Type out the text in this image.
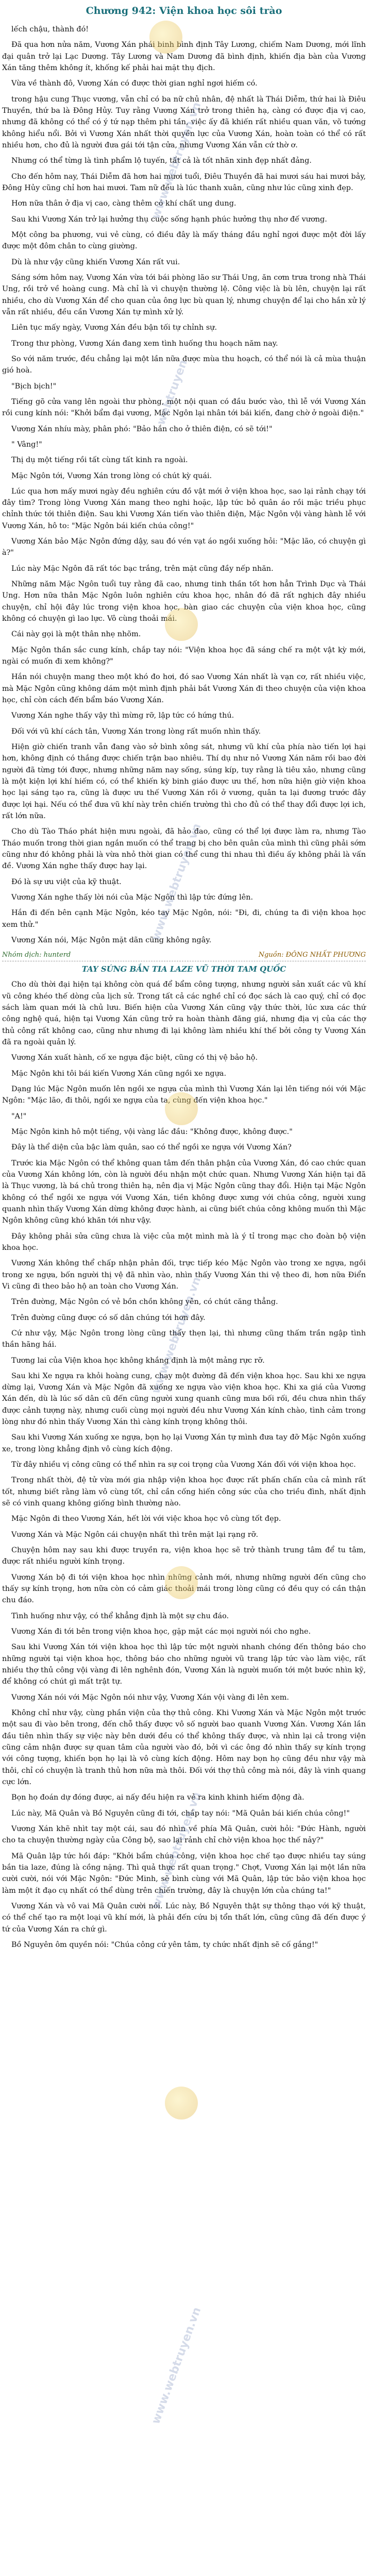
www.webtruyen.vn
webtruyen
www.webtruyen.vn
www.webtruyen.vn
www.webtruyen.vn
www.webtruyen.vn
Chương 942: Viện khoa học sôi trào

lếch chậu, thành đó!

Đã qua hơn nửa năm, Vương Xán phái binh bình định Tây Lương, chiếm Nam Dương, mới lĩnh đại quân trở lại Lạc Dương. Tây Lương và Nam Dương đã bình định, khiến địa bàn của Vương Xán tăng thêm không ít, khống kế phải hai mặt thụ địch.

Vừa về thành đô, Vương Xán có được thời gian nghỉ ngơi hiếm có.

trong hậu cung Thục vương, vẫn chỉ có ba nữ chủ nhân, đệ nhất là Thái Diễm, thứ hai là Điêu Thuyền, thứ ba là Đông Hủy. Tuy rằng Vương Xán trở trong thiên hạ, càng có được địa vị cao, nhưng đã không có thể có ý tứ nạp thêm phi tần, việc ấy đã khiến rất nhiều quan văn, võ tướng không hiểu nổi. Bởi vì Vương Xán nhất thời quyền lực của Vương Xán, hoàn toàn có thể có rất nhiều hơn, cho đủ là người đưa gái tới tận cửa, nhưng Vương Xán vẫn cứ thờ ơ.

Nhưng có thể từng là tình phẩm lộ tuyến, tất cả là tốt nhãn xinh đẹp nhất đảng.

Cho đến hôm nay, Thái Diễm đã hơn hai mươi tuổi, Điêu Thuyền đã hai mươi sáu hai mươi bảy, Đông Hủy cũng chỉ hơn hai mươi. Tam nữ đều là lúc thanh xuân, cũng như lúc cũng xinh đẹp.

Hơn nữa thân ở địa vị cao, càng thêm có khí chất ung dung.

Sau khi Vương Xán trở lại hưởng thụ cuộc sống hạnh phúc hưởng thụ nhơ đế vương.

Một công ba phương, vui vẻ cùng, có điều đây là mấy tháng đầu nghỉ ngơi được một đời lấy được một đôm chân to cùng giường.

Dù là như vậy cũng khiến Vương Xán rất vui.

Sáng sớm hôm nay, Vương Xán vừa tới bái phòng lão sư Thái Ung, ăn cơm trưa trong nhà Thái Ung, rồi trở về hoàng cung. Mà chỉ là vì chuyện thường lệ. Công việc là bù lên, chuyện lại rất nhiều, cho dù Vương Xán để cho quan của ông lực bù quan lý, nhưng chuyện để lại cho hắn xử lý vẫn rất nhiều, đều cần Vương Xán tự mình xử lý.

Liên tục mấy ngày, Vương Xán đều bận tối tự chỉnh sự.

Trong thư phòng, Vương Xán đang xem tình huống thu hoạch năm nay.

So với năm trước, đều chẳng lại một lần nữa được mùa thu hoạch, có thể nói là cả mùa thuận gió hoà.

"Bịch bịch!"

Tiếng gõ cửa vang lên ngoài thư phòng, một nội quan có đầu bước vào, thì lễ với Vương Xán rồi cung kính nói: "Khởi bẩm đại vương, Mặc Ngôn lại nhân tới bái kiến, đang chờ ở ngoài điện."

Vương Xán nhíu mày, phân phó: "Bảo hắn cho ở thiên điện, có sẽ tới!"

" Vâng!"

Thị dụ một tiếng rồi tất cùng tất kinh ra ngoài.

Mặc Ngôn tới, Vương Xán trong lòng có chút kỳ quái.

Lúc qua hơn mấy mươi ngày đều nghiên cứu đồ vật mới ở viện khoa học, sao lại rảnh chạy tới đây tìm? Trong lòng Vương Xán mang theo nghi hoặc, lập tức bỏ quân áo rồi mặc triều phục chỉnh thức tới thiên điện. Sau khi Vương Xán tiến vào thiên điện, Mặc Ngôn vội vàng hành lễ với Vương Xán, hô to: "Mặc Ngôn bái kiến chúa công!"

Vương Xán bảo Mặc Ngôn đứng dậy, sau đó vén vạt áo ngồi xuống hỏi: "Mặc lão, có chuyện gì à?"

Lúc này Mặc Ngôn đã rất tóc bạc trắng, trên mặt cũng đầy nếp nhăn.

Những năm Mặc Ngôn tuổi tuy rằng đã cao, nhưng tinh thần tốt hơn hẳn Trình Dục và Thái Ung. Hơn nữa thân Mặc Ngôn luôn nghiên cứu khoa học, nhân đó đã rất nghịch đây nhiều chuyện, chỉ hội đây lúc trong viện khoa học, bàn giao các chuyện của viện khoa học, cũng không có chuyện gì lao lực. Vô cùng thoải mái.

Cái này gọi là một thân nhẹ nhõm.

Mặc Ngôn thần sắc cung kính, chắp tay nói: "Viện khoa học đã sáng chế ra một vật kỳ mới, ngài có muốn đi xem không?"

Hắn nói chuyện mang theo một khó đo hơi, đó sao Vương Xán nhất là vạn cơ, rất nhiều việc, mà Mặc Ngôn cũng không dám một mình định phải bắt Vương Xán đi theo chuyện của viện khoa học, chỉ còn cách đến bẩm báo Vương Xán.

Vương Xán nghe thấy vậy thì mừng rỡ, lập tức có hứng thú.

Đối với vũ khí cách tân, Vương Xán trong lòng rất muốn nhìn thấy.

Hiện giờ chiến tranh vẫn đang vào sở bình xông sát, nhưng vũ khí của phía nào tiến lợi hại hơn, không định có thắng được chiến trận bao nhiêu. Thí dụ như nỏ Vương Xán năm rồi bao đời người đã từng tới được, nhưng những năm nay sống, súng kíp, tuy rằng là tiêu xảo, nhưng cũng là một kiện lợi khí hiếm có, có thể khiến kỳ binh giáo được ưu thế, hơn nữa hiện giờ viện khoa học lại sáng tạo ra, cũng là được ưu thế Vương Xán rồi ở vương, quân ta lại đương trước đây được lợi hại. Nếu có thể đưa vũ khí này trên chiến trường thì cho đủ có thể thay đổi được lợi ich, rất lớn nữa.

Cho dù Tào Tháo phát hiện mưu ngoài, đã hảo đao, cũng có thể lợi được làm ra, nhưng Tào Tháo muốn trong thời gian ngắn muốn có thể trang bị cho bên quân của mình thì cũng phải sớm cũng như đó không phải là vừa nhỏ thời gian có thể cung thi nhau thì điều ấy không phải là vấn đề. Vương Xán nghe thấy được hay lại.

Đó là sự ưu việt của kỹ thuật.

Vương Xán nghe thấy lời nói của Mặc Ngôn thì lập tức đứng lên.

Hắn đi đến bên cạnh Mặc Ngôn, kéo tay Mặc Ngôn, nói: "Đi, đi, chúng ta đi viện khoa học xem thử."

Vương Xán nói, Mặc Ngôn mặt dãn cũng không ngây.

Nhóm dịch: hunterd	Nguồn: ĐÔNG NHẤT PHƯƠNG
TAY SỨNG BẮN TIA LAZE VŨ THỜI TAM QUỐC

Cho dù thời đại hiện tại không còn quá để bẩm công tượng, nhưng người sản xuất các vũ khí vũ công khéo thế dòng của lịch sử. Trong tất cả các nghề chỉ có đọc sách là cao quý, chỉ có đọc sách làm quan mới là chủ lưu. Biến hiện của Vương Xán cũng vậy thức thời, lúc xưa các thứ công nghệ quá, hiện tại Vương Xán cũng trở ra hoàn thành đăng giá, nhưng địa vị của các thợ thủ công rất không cao, cũng như nhưng đi lại không làm nhiều khí thế bởi công ty Vương Xán đã ra ngoài quản lý.

Vương Xán xuất hành, cố xe ngựa đặc biệt, cũng có thị vệ bảo hộ.

Mặc Ngôn khi tôi bái kiến Vương Xán cũng ngồi xe ngựa.

Dạng lúc Mặc Ngôn muốn lên ngồi xe ngựa của mình thì Vương Xán lại lên tiếng nói với Mặc Ngôn: "Mặc lão, đi thôi, ngồi xe ngựa của ta, cùng đến viện khoa học."

"A!"

Mặc Ngôn kinh hô một tiếng, vội vàng lắc đầu: "Không được, không được."

Đây là thể diện của bậc làm quân, sao có thể ngồi xe ngựa với Vương Xán?

Trước kia Mặc Ngôn có thể không quan tâm đến thân phận của Vương Xán, đó cao chức quan của Vương Xán không lớn, còn là người đều nhận một chức quan. Nhưng Vương Xán hiện tại đã là Thục vương, là bá chủ trong thiên hạ, nên địa vị Mặc Ngôn cũng thay đổi. Hiện tại Mặc Ngôn không có thể ngồi xe ngựa với Vương Xán, tiền không được xưng với chúa công, người xung quanh nhìn thấy Vương Xán dừng không được hành, ai cũng biết chúa công không muốn thì Mặc Ngôn không cũng khó khăn tới như vậy.

Đây không phải sửa cũng chưa là việc của một mình mà là ý tỉ trong mạc cho đoàn bộ viện khoa học.

Vương Xán không thể chấp nhận phản đối, trực tiếp kéo Mặc Ngôn vào trong xe ngựa, ngồi trong xe ngựa, bốn người thị vệ đã nhìn vào, nhìn thấy Vương Xán thi vệ theo đi, hơn nữa Điển Vi cũng đi theo bảo hộ an toàn cho Vương Xán.

Trên đường, Mặc Ngôn có vẻ bồn chồn không yên, có chút căng thẳng.

Trên đường cũng được có số dân chúng tới hơn đây.

Cứ như vậy, Mặc Ngôn trong lòng cũng thấy thẹn lại, thì nhưng cũng thấm trần ngập tình thần hãng hái.

Tương lai của Viện khoa học không khắng định là một mảng rực rỡ.

Sau khi Xe ngựa ra khỏi hoàng cung, chạy một đường đã đến viện khoa học. Sau khi xe ngựa dừng lại, Vương Xán và Mặc Ngôn đã xuống xe ngựa vào viện khoa học. Khi xa giá của Vương Xán đến, dù là lúc số dân cũ đến cũng người xung quanh cũng mưa bối rối, đều chưa nhìn thấy được cảnh tượng này, nhưng cuối cùng mọi người đều như Vương Xán kính chào, tình cảm trong lòng như đó nhìn thấy Vương Xán thì càng kính trọng không thôi.

Sau khi Vương Xán xuống xe ngựa, bọn họ lại Vương Xán tự mình đưa tay đỡ Mặc Ngôn xuống xe, trong lòng khẳng định vô cùng kích động.

Từ đây nhiều vị công cũng có thể nhìn ra sự coi trọng của Vương Xán đối với viện khoa học.

Trong nhất thời, đệ tử vừa mới gia nhập viện khoa học được rất phấn chấn của cả mình rất tốt, nhưng biết rằng làm vô cùng tốt, chỉ cần cống hiến công sức của cho triều đình, nhất định sẽ có vinh quang không giống bình thường nào.

Mặc Ngôn đi theo Vương Xán, hết lời với việc khoa học vô cùng tốt đẹp.

Vương Xán và Mặc Ngôn cái chuyện nhất thì trên mặt lại rạng rỡ.

Chuyện hôm nay sau khi được truyền ra, viện khoa học sẽ trở thành trung tâm để tu tâm, được rất nhiều người kính trọng.

Vương Xán bộ đi tới viện khoa học nhìn những cảnh mới, nhưng những người đến cũng cho thấy sự kính trọng, hơn nữa còn có cảm giác thoải mái trong lòng cũng có đều quy có cần thận chu đáo.

Tình huống như vậy, có thể khẳng định là một sự chu đáo.

Vương Xán đi tới bên trong viện khoa học, gặp mặt các mọi người nói cho nghe.

Sau khi Vương Xán tới viện khoa học thì lập tức một người nhanh chóng đến thông báo cho những người tại viện khoa học, thông báo cho những người vũ trang lập tức vào làm việc, rất nhiều thợ thủ công vội vàng đi lên nghênh đón, Vương Xán là người muốn tới một bước nhìn kỹ, để không có chút gì mất trật tự.

Vương Xán nói với Mặc Ngôn nói như vậy, Vương Xán vội vàng đi lên xem.

Không chỉ như vậy, cùng phần viện của thợ thủ công. Khi Vương Xán và Mặc Ngôn một trước một sau đi vào bên trong, đến chỗ thấy được vô số người bao quanh Vương Xán. Vương Xán lần đầu tiên nhìn thấy sự việc này bên dưới đều có thể không thấy được, và nhìn lại cả trong viện cũng cảm nhận được sự quan tâm của người vào đó, bởi vì các ông đó nhìn thấy sự kính trọng với công tượng, khiến bọn họ lại là vô cùng kích động. Hôm nay bọn họ cũng đều như vậy mà thôi, chỉ có chuyện là tranh thủ hơn nữa mà thôi. Đối với thợ thủ công mà nói, đây là vinh quang cực lớn.

Bọn họ đoán dự đóng được, ai nấy đều hiện ra vẻ ra kinh khinh hiếm động đà.

Lúc này, Mã Quân và Bồ Nguyên cũng đi tới, chắp tay nói: "Mã Quân bái kiến chúa công!"

Vương Xán khẽ nhìt tay một cái, sau đó nhìn về phía Mã Quân, cười hỏi: "Đức Hành, người cho ta chuyện thường ngày của Công bộ, sao lại rảnh chỉ chờ viện khoa học thế nảy?"

Mã Quân lập tức hồi đáp: "Khởi bẩm chúa công, viện khoa học chế tạo được nhiều tay súng bắn tia laze, đúng là cồng nặng. Thì quả thực rất quan trọng." Chợt, Vương Xán lại một lần nữa cười cười, nói với Mặc Ngôn: "Đức Minh, sẽ bình cùng với Mã Quân, lập tức bảo viện khoa học làm một ít đạo cụ nhất có thể dùng trên chiến trường, đây là chuyện lớn của chúng ta!"

Vương Xán và vô vai Mã Quân cười nói. Lúc này, Bồ Nguyên thật sự thông thạo với kỹ thuật, có thể chế tạo ra một loại vũ khí mới, là phải đến cứu bị tổn thất lớn, cũng cũng đã đến được ý tứ của Vương Xán ra chứ gì.

Bồ Nguyên ôm quyền nói: "Chúa công cứ yên tâm, ty chức nhất định sẽ cố gắng!"
